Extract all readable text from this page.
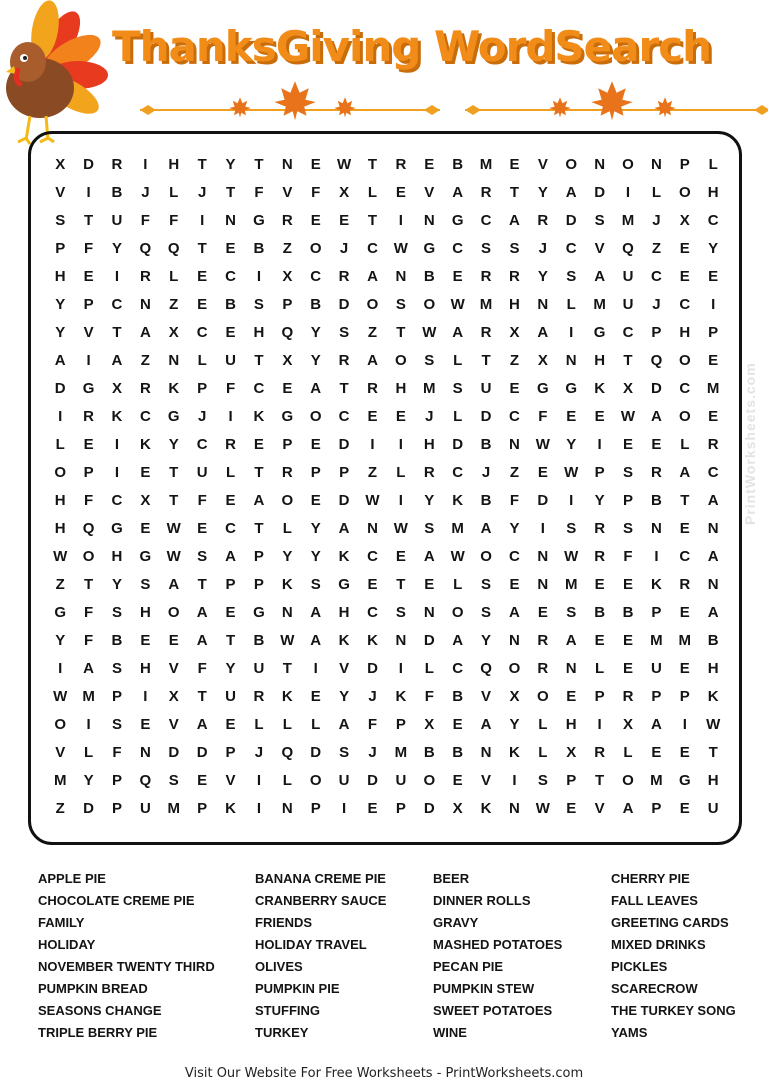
ThanksGiving WordSearch
PrintWorksheets.com
X	D	R	I	H	T	Y	T	N	E	W	T	R	E	B	M	E	V	O	N	O	N	P	L
V	I	B	J	L	J	T	F	V	F	X	L	E	V	A	R	T	Y	A	D	I	L	O	H
S	T	U	F	F	I	N	G	R	E	E	T	I	N	G	C	A	R	D	S	M	J	X	C
P	F	Y	Q	Q	T	E	B	Z	O	J	C	W	G	C	S	S	J	C	V	Q	Z	E	Y
H	E	I	R	L	E	C	I	X	C	R	A	N	B	E	R	R	Y	S	A	U	C	E	E
Y	P	C	N	Z	E	B	S	P	B	D	O	S	O	W	M	H	N	L	M	U	J	C	I
Y	V	T	A	X	C	E	H	Q	Y	S	Z	T	W	A	R	X	A	I	G	C	P	H	P
A	I	A	Z	N	L	U	T	X	Y	R	A	O	S	L	T	Z	X	N	H	T	Q	O	E
D	G	X	R	K	P	F	C	E	A	T	R	H	M	S	U	E	G	G	K	X	D	C	M
I	R	K	C	G	J	I	K	G	O	C	E	E	J	L	D	C	F	E	E	W	A	O	E
L	E	I	K	Y	C	R	E	P	E	D	I	I	H	D	B	N	W	Y	I	E	E	L	R
O	P	I	E	T	U	L	T	R	P	P	Z	L	R	C	J	Z	E	W	P	S	R	A	C
H	F	C	X	T	F	E	A	O	E	D	W	I	Y	K	B	F	D	I	Y	P	B	T	A
H	Q	G	E	W	E	C	T	L	Y	A	N	W	S	M	A	Y	I	S	R	S	N	E	N
W	O	H	G	W	S	A	P	Y	Y	K	C	E	A	W	O	C	N	W	R	F	I	C	A
Z	T	Y	S	A	T	P	P	K	S	G	E	T	E	L	S	E	N	M	E	E	K	R	N
G	F	S	H	O	A	E	G	N	A	H	C	S	N	O	S	A	E	S	B	B	P	E	A
Y	F	B	E	E	A	T	B	W	A	K	K	N	D	A	Y	N	R	A	E	E	M	M	B
I	A	S	H	V	F	Y	U	T	I	V	D	I	L	C	Q	O	R	N	L	E	U	E	H
W	M	P	I	X	T	U	R	K	E	Y	J	K	F	B	V	X	O	E	P	R	P	P	K
O	I	S	E	V	A	E	L	L	L	A	F	P	X	E	A	Y	L	H	I	X	A	I	W
V	L	F	N	D	D	P	J	Q	D	S	J	M	B	B	N	K	L	X	R	L	E	E	T
M	Y	P	Q	S	E	V	I	L	O	U	D	U	O	E	V	I	S	P	T	O	M	G	H
Z	D	P	U	M	P	K	I	N	P	I	E	P	D	X	K	N	W	E	V	A	P	E	U
APPLE PIE	BANANA CREME PIE	BEER	CHERRY PIE
CHOCOLATE CREME PIE	CRANBERRY SAUCE	DINNER ROLLS	FALL LEAVES
FAMILY	FRIENDS	GRAVY	GREETING CARDS
HOLIDAY	HOLIDAY TRAVEL	MASHED POTATOES	MIXED DRINKS
NOVEMBER TWENTY THIRD	OLIVES	PECAN PIE	PICKLES
PUMPKIN BREAD	PUMPKIN PIE	PUMPKIN STEW	SCARECROW
SEASONS CHANGE	STUFFING	SWEET POTATOES	THE TURKEY SONG
TRIPLE BERRY PIE	TURKEY	WINE	YAMS
Visit Our Website For Free Worksheets - PrintWorksheets.com
